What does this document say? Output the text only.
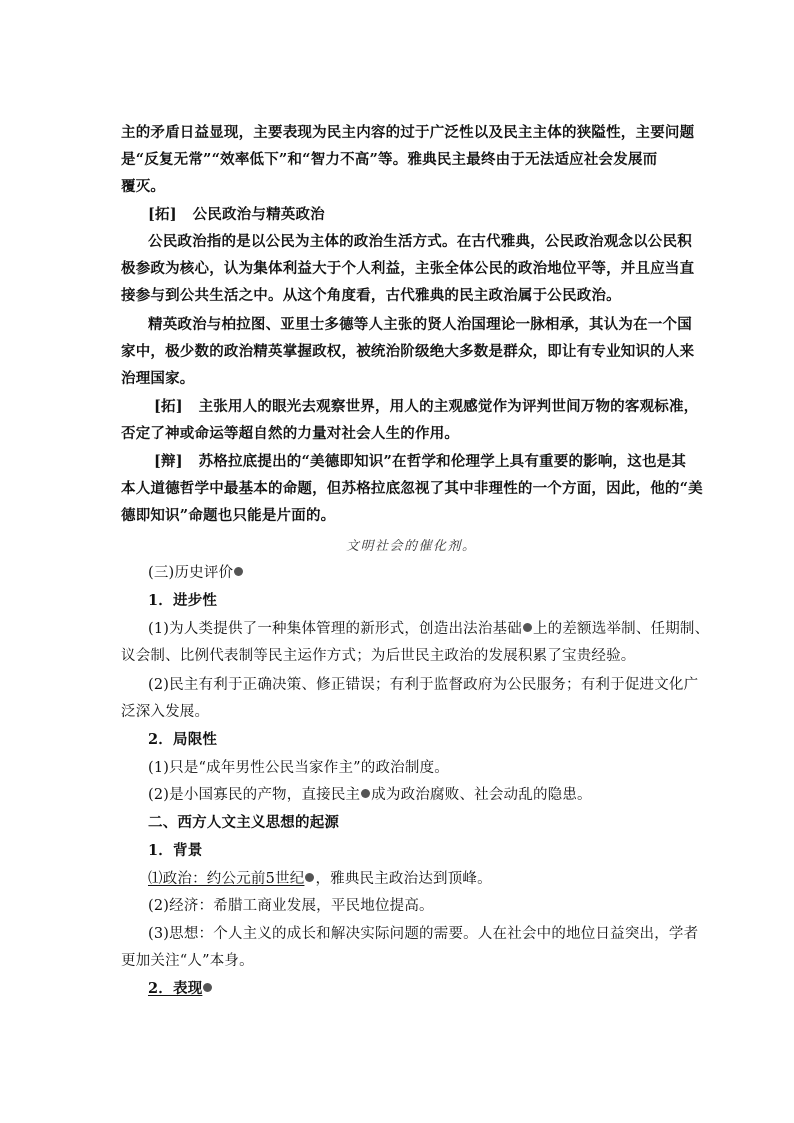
主的矛盾日益显现，主要表现为民主内容的过于广泛性以及民主主体的狭隘性，主要问题
是“反复无常”“效率低下”和“智力不高”等。雅典民主最终由于无法适应社会发展而
覆灭。
[拓] 公民政治与精英政治
公民政治指的是以公民为主体的政治生活方式。在古代雅典，公民政治观念以公民积
极参政为核心，认为集体利益大于个人利益，主张全体公民的政治地位平等，并且应当直
接参与到公共生活之中。从这个角度看，古代雅典的民主政治属于公民政治。
精英政治与柏拉图、亚里士多德等人主张的贤人治国理论一脉相承，其认为在一个国
家中，极少数的政治精英掌握政权，被统治阶级绝大多数是群众，即让有专业知识的人来
治理国家。
[拓] 主张用人的眼光去观察世界，用人的主观感觉作为评判世间万物的客观标准，
否定了神或命运等超自然的力量对社会人生的作用。
[辩] 苏格拉底提出的“美德即知识”在哲学和伦理学上具有重要的影响，这也是其
本人道德哲学中最基本的命题，但苏格拉底忽视了其中非理性的一个方面，因此，他的“美
德即知识”命题也只能是片面的。
文明社会的催化剂。
(三)历史评价
1．进步性
(1)为人类提供了一种集体管理的新形式，创造出法治基础 上的差额选举制、任期制、
议会制、比例代表制等民主运作方式；为后世民主政治的发展积累了宝贵经验。
(2)民主有利于正确决策、修正错误；有利于监督政府为公民服务；有利于促进文化广
泛深入发展。
2．局限性
(1)只是“成年男性公民当家作主”的政治制度。
(2)是小国寡民的产物，直接民主 成为政治腐败、社会动乱的隐患。
二、西方人文主义思想的起源
1．背景
⑴政治：约公元前5世纪 ，雅典民主政治达到顶峰。
(2)经济：希腊工商业发展，平民地位提高。
(3)思想：个人主义的成长和解决实际问题的需要。人在社会中的地位日益突出，学者
更加关注“人”本身。
2．表现
